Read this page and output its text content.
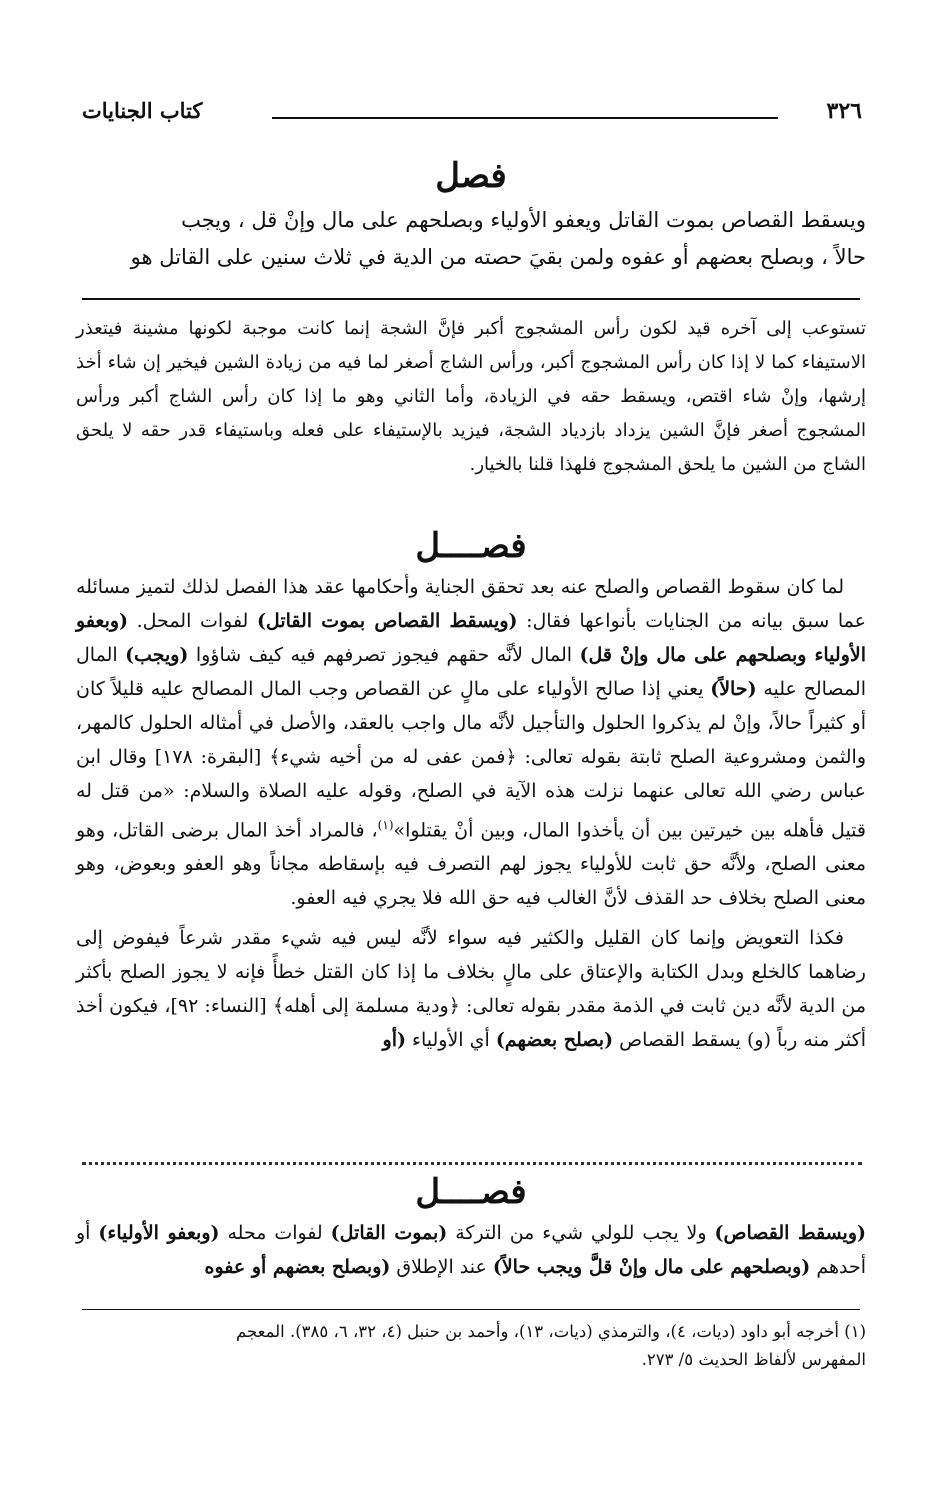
٣٢٦
كتاب الجنايات
فصل

ويسقط القصاص بموت القاتل ويعفو الأولياء وبصلحهم على مال وإنْ قل ، ويجب

حالاً ، وبصلح بعضهم أو عفوه ولمن بقيَ حصته من الدية في ثلاث سنين على القاتل هو

تستوعب إلى آخره قيد لكون رأس المشجوج أكبر فإنَّ الشجة إنما كانت موجبة لكونها مشينة فيتعذر الاستيفاء كما لا إذا كان رأس المشجوج أكبر، ورأس الشاج أصغر لما فيه من زيادة الشين فيخير إن شاء أخذ إرشها، وإنْ شاء اقتص، ويسقط حقه في الزيادة، وأما الثاني وهو ما إذا كان رأس الشاج أكبر ورأس المشجوج أصغر فإنَّ الشين يزداد بازدياد الشجة، فيزيد بالإستيفاء على فعله وباستيفاء قدر حقه لا يلحق الشاج من الشين ما يلحق المشجوج فلهذا قلنا بالخيار.

فصــــل

لما كان سقوط القصاص والصلح عنه بعد تحقق الجناية وأحكامها عقد هذا الفصل لذلك لتميز مسائله عما سبق بيانه من الجنايات بأنواعها فقال: (ويسقط القصاص بموت القاتل) لفوات المحل. (وبعفو الأولياء وبصلحهم على مال وإنْ قل) المال لأنَّه حقهم فيجوز تصرفهم فيه كيف شاؤوا (ويجب) المال المصالح عليه (حالاً) يعني إذا صالح الأولياء على مالٍ عن القصاص وجب المال المصالح عليه قليلاً كان أو كثيراً حالاً، وإنْ لم يذكروا الحلول والتأجيل لأنَّه مال واجب بالعقد، والأصل في أمثاله الحلول كالمهر، والثمن ومشروعية الصلح ثابتة بقوله تعالى: ﴿فمن عفى له من أخيه شيء﴾ [البقرة: ١٧٨] وقال ابن عباس رضي الله تعالى عنهما نزلت هذه الآية في الصلح، وقوله عليه الصلاة والسلام: «من قتل له قتيل فأهله بين خيرتين بين أن يأخذوا المال، وبين أنْ يقتلوا»$^{(١)}$، فالمراد أخذ المال برضى القاتل، وهو معنى الصلح، ولأنَّه حق ثابت للأولياء يجوز لهم التصرف فيه بإسقاطه مجاناً وهو العفو وبعوض، وهو معنى الصلح بخلاف حد القذف لأنَّ الغالب فيه حق الله فلا يجري فيه العفو.

فكذا التعويض وإنما كان القليل والكثير فيه سواء لأنَّه ليس فيه شيء مقدر شرعاً فيفوض إلى رضاهما كالخلع وبدل الكتابة والإعتاق على مالٍ بخلاف ما إذا كان القتل خطأً فإنه لا يجوز الصلح بأكثر من الدية لأنَّه دين ثابت في الذمة مقدر بقوله تعالى: ﴿ودية مسلمة إلى أهله﴾ [النساء: ٩٢]، فيكون أخذ أكثر منه رباً (و) يسقط القصاص (بصلح بعضهم) أي الأولياء (أو

فصــــل

(ويسقط القصاص) ولا يجب للولي شيء من التركة (بموت القاتل) لفوات محله (وبعفو الأولياء) أو أحدهم (وبصلحهم على مال وإنْ قلَّ ويجب حالاً) عند الإطلاق (وبصلح بعضهم أو عفوه

(١) أخرجه أبو داود (ديات، ٤)، والترمذي (ديات، ١٣)، وأحمد بن حنبل (٤، ٣٢، ٦، ٣٨٥). المعجم

المفهرس لألفاظ الحديث ٥/ ٢٧٣.
